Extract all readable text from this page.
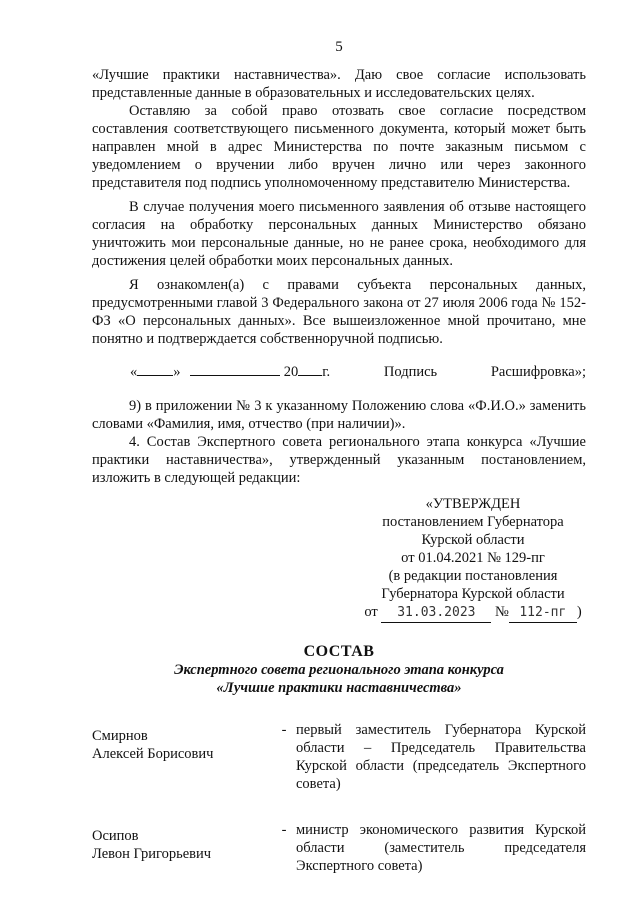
5

«Лучшие практики наставничества». Даю свое согласие использовать представленные данные в образовательных и исследовательских целях.

Оставляю за собой право отозвать свое согласие посредством составления соответствующего письменного документа, который может быть направлен мной в адрес Министерства по почте заказным письмом с уведомлением о вручении либо вручен лично или через законного представителя под подпись уполномоченному представителю Министерства.

В случае получения моего письменного заявления об отзыве настоящего согласия на обработку персональных данных Министерство обязано уничтожить мои персональные данные, но не ранее срока, необходимого для достижения целей обработки моих персональных данных.

Я ознакомлен(а) с правами субъекта персональных данных, предусмотренными главой 3 Федерального закона от 27 июля 2006 года № 152-ФЗ «О персональных данных». Все вышеизложенное мной прочитано, мне понятно и подтверждается собственноручной подписью.

« »	20 г.	Подпись	Расшифровка»;

9) в приложении № 3 к указанному Положению слова «Ф.И.О.» заменить словами «Фамилия, имя, отчество (при наличии)».

4. Состав Экспертного совета регионального этапа конкурса «Лучшие практики наставничества», утвержденный указанным постановлением, изложить в следующей редакции:

«УТВЕРЖДЕН
постановлением Губернатора
Курской области
от 01.04.2021 № 129-пг
(в редакции постановления
Губернатора Курской области
от 31.03.2023 № 112-пг )
СОСТАВ
Экспертного совета регионального этапа конкурса
«Лучшие практики наставничества»
Смирнов
Алексей Борисович
- первый заместитель Губернатора Курской области – Председатель Правительства Курской области (председатель Экспертного совета)
Осипов
Левон Григорьевич
- министр экономического развития Курской области (заместитель председателя Экспертного совета)
